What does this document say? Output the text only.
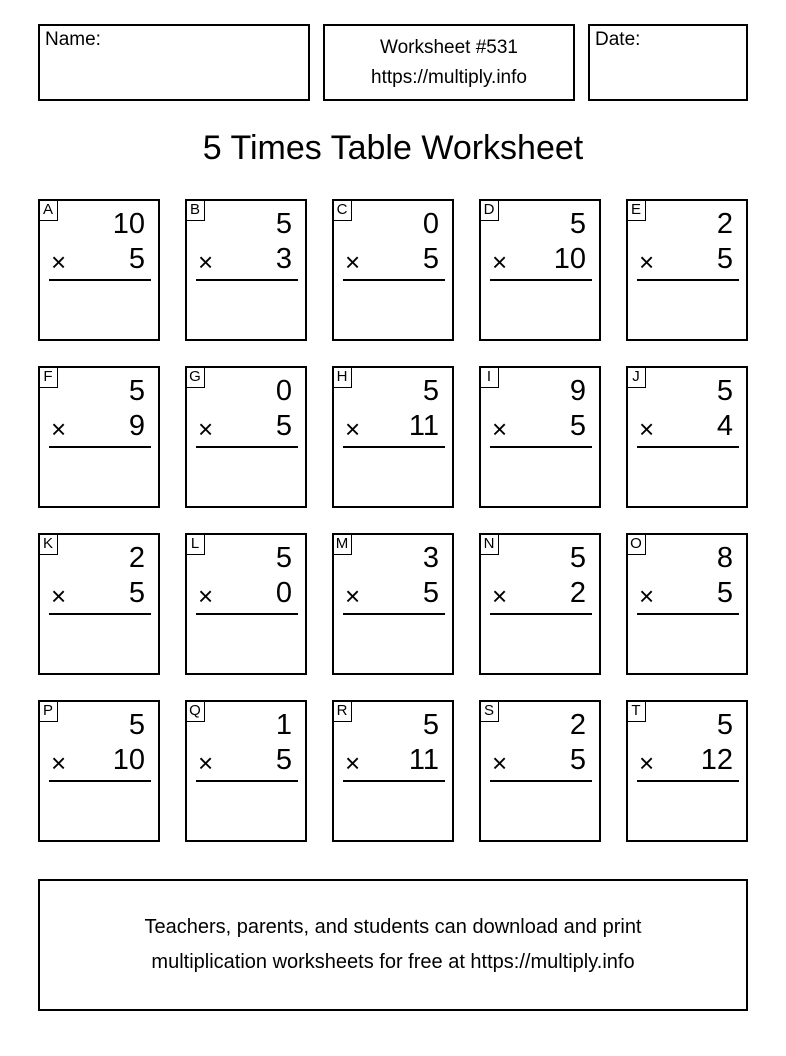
Name:	Worksheet #531
https://multiply.info
Date:
5 Times Table Worksheet
A 10
× 5
B	5
× 3
C	0
× 5
D	5
× 10
E	2
× 5
F	5
× 9
G	0
× 5
H	5
× 11
I	9
× 5
J	5
× 4
K	2
× 5
L	5
× 0
M	3
× 5
N	5
× 2
O	8
× 5
P	5
× 10
Q	1
× 5
R	5
× 11
S	2
× 5
T	5
× 12
Teachers, parents, and students can download and print
multiplication worksheets for free at https://multiply.info
